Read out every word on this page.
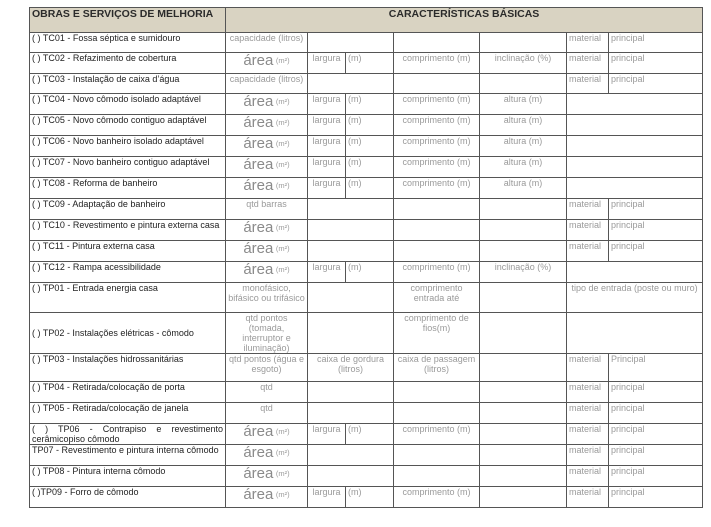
OBRAS E SERVIÇOS DE MELHORIA	CARACTERÍSTICAS BÁSICAS						
( ) TC01 - Fossa séptica e sumidouro	capacidade (litros)					material	principal
( ) TC02 - Refazimento de cobertura	área (m²)	largura	(m)	comprimento (m)	inclinação (%)	material	principal
( ) TC03 - Instalação de caixa d’água	capacidade (litros)					material	principal
( ) TC04 - Novo cômodo isolado adaptável	área (m²)	largura	(m)	comprimento (m)	altura (m)		
( ) TC05 - Novo cômodo contiguo adaptável	área (m²)	largura	(m)	comprimento (m)	altura (m)		
( ) TC06 - Novo banheiro isolado adaptável	área (m²)	largura	(m)	comprimento (m)	altura (m)		
( ) TC07 - Novo banheiro contiguo adaptável	área (m²)	largura	(m)	comprimento (m)	altura (m)		
( ) TC08 - Reforma de banheiro	área (m²)	largura	(m)	comprimento (m)	altura (m)		
( ) TC09 - Adaptação de banheiro	qtd barras					material	principal
( ) TC10 - Revestimento e pintura externa casa	área (m²)					material	principal
( ) TC11 - Pintura externa casa	área (m²)					material	principal
( ) TC12 - Rampa acessibilidade	área (m²)	largura	(m)	comprimento (m)	inclinação (%)		
( ) TP01 - Entrada energia casa	monofásico, bifásico ou trifásico			comprimento entrada até		tipo de entrada (poste ou muro)	
( ) TP02 - Instalações elétricas - cômodo	qtd pontos (tomada, interruptor e iluminação)			comprimento de fios(m)			
( ) TP03 - Instalações hidrossanitárias	qtd pontos (água e esgoto)	caixa de gordura (litros)		caixa de passagem (litros)		material	Principal
( ) TP04 - Retirada/colocação de porta	qtd					material	principal
( ) TP05 - Retirada/colocação de janela	qtd					material	principal
( ) TP06 - Contrapiso e revestimento cerâmicopiso cômodo	área (m²)	largura	(m)	comprimento (m)		material	principal
TP07 - Revestimento e pintura interna cômodo	área (m²)					material	principal
( ) TP08 - Pintura interna cômodo	área (m²)					material	principal
( )TP09 - Forro de cômodo	área (m²)	largura	(m)	comprimento (m)		material	principal
